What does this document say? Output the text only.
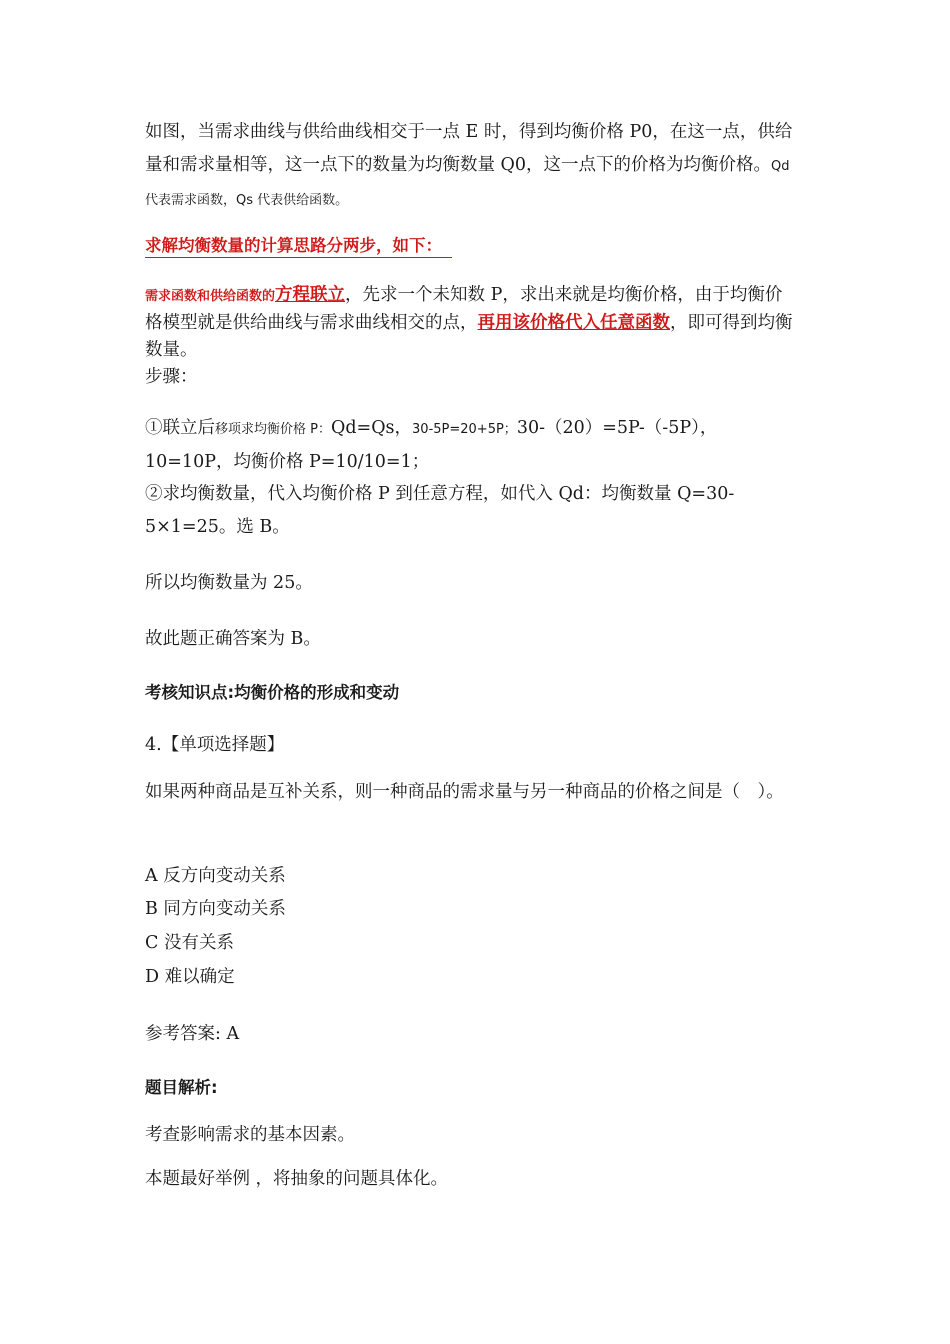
如图，当需求曲线与供给曲线相交于一点 E 时，得到均衡价格 P0，在这一点，供给量和需求量相等，这一点下的数量为均衡数量 Q0，这一点下的价格为均衡价格。Qd 代表需求函数，Qs 代表供给函数。
求解均衡数量的计算思路分两步，如下：
需求函数和供给函数的方程联立，先求一个未知数 P，求出来就是均衡价格，由于均衡价格模型就是供给曲线与需求曲线相交的点，再用该价格代入任意函数，即可得到均衡数量。
步骤：
①联立后移项求均衡价格 P：Qd=Qs，30-5P=20+5P；30-（20）=5P-（-5P），10=10P，均衡价格 P=10/10=1；
②求均衡数量，代入均衡价格 P 到任意方程，如代入 Qd：均衡数量 Q=30-5×1=25。选 B。
所以均衡数量为 25。
故此题正确答案为 B。
考核知识点:均衡价格的形成和变动
4.【单项选择题】
如果两种商品是互补关系，则一种商品的需求量与另一种商品的价格之间是（　）。
A 反方向变动关系
B 同方向变动关系
C 没有关系
D 难以确定
参考答案: A
题目解析:
考查影响需求的基本因素。
本题最好举例 ，将抽象的问题具体化。
